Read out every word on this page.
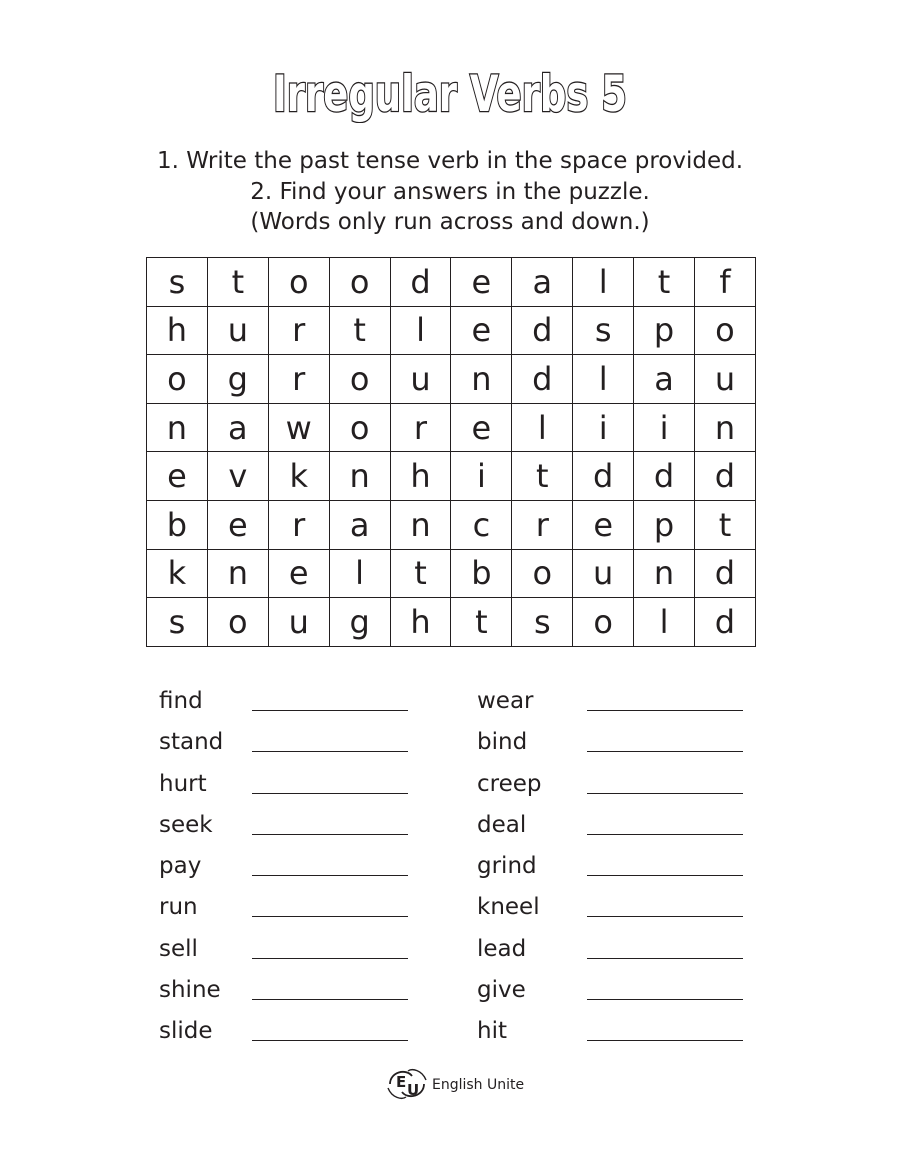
Irregular Verbs 5
1. Write the past tense verb in the space provided.
2. Find your answers in the puzzle.
(Words only run across and down.)
s	t	o	o	d	e	a	l	t	f
h	u	r	t	l	e	d	s	p	o
o	g	r	o	u	n	d	l	a	u
n	a	w	o	r	e	l	i	i	n
e	v	k	n	h	i	t	d	d	d
b	e	r	a	n	c	r	e	p	t
k	n	e	l	t	b	o	u	n	d
s	o	u	g	h	t	s	o	l	d
find
stand
hurt
seek
pay
run
sell
shine
slide
wear
bind
creep
deal
grind
kneel
lead
give
hit
E U English Unite
